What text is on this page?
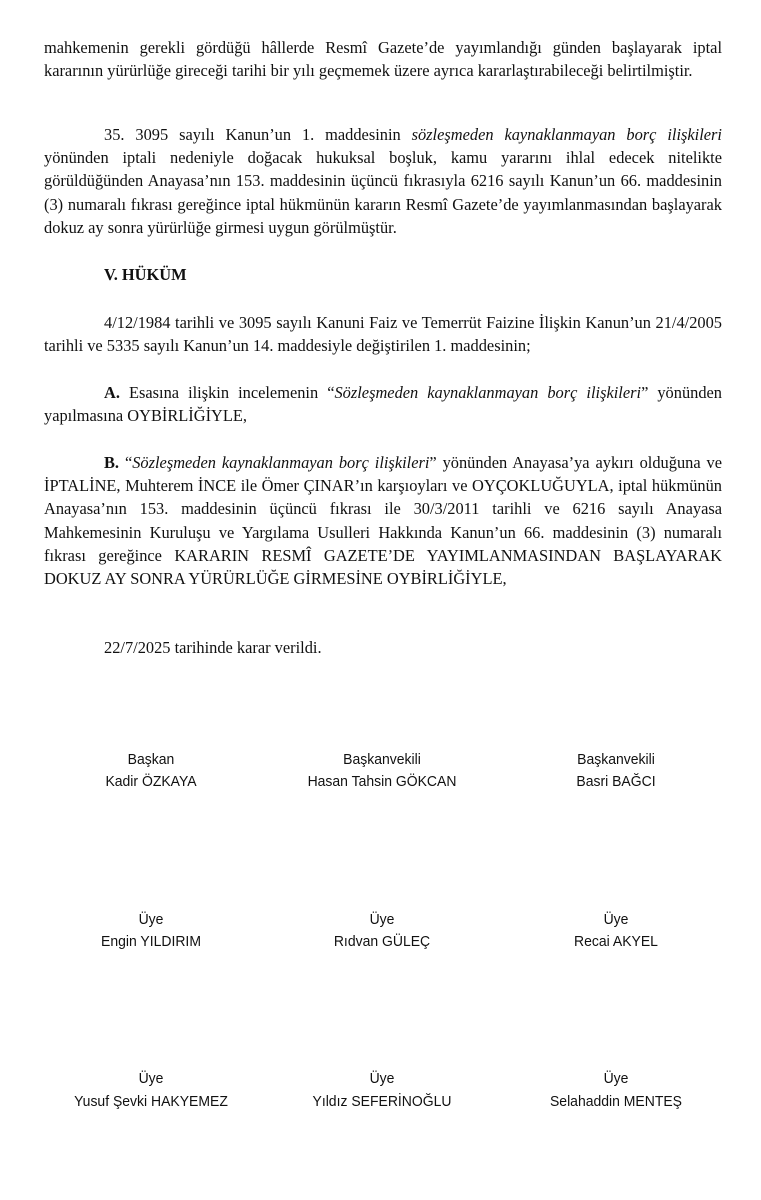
mahkemenin gerekli gördüğü hâllerde Resmî Gazete’de yayımlandığı günden başlayarak iptal kararının yürürlüğe gireceği tarihi bir yılı geçmemek üzere ayrıca kararlaştırabileceği belirtilmiştir.

35. 3095 sayılı Kanun’un 1. maddesinin sözleşmeden kaynaklanmayan borç ilişkileri yönünden iptali nedeniyle doğacak hukuksal boşluk, kamu yararını ihlal edecek nitelikte görüldüğünden Anayasa’nın 153. maddesinin üçüncü fıkrasıyla 6216 sayılı Kanun’un 66. maddesinin (3) numaralı fıkrası gereğince iptal hükmünün kararın Resmî Gazete’de yayımlanmasından başlayarak dokuz ay sonra yürürlüğe girmesi uygun görülmüştür.

V. HÜKÜM

4/12/1984 tarihli ve 3095 sayılı Kanuni Faiz ve Temerrüt Faizine İlişkin Kanun’un 21/4/2005 tarihli ve 5335 sayılı Kanun’un 14. maddesiyle değiştirilen 1. maddesinin;

A. Esasına ilişkin incelemenin “Sözleşmeden kaynaklanmayan borç ilişkileri” yönünden yapılmasına OYBİRLİĞİYLE,

B. “Sözleşmeden kaynaklanmayan borç ilişkileri” yönünden Anayasa’ya aykırı olduğuna ve İPTALİNE, Muhterem İNCE ile Ömer ÇINAR’ın karşıoyları ve OYÇOKLUĞUYLA, iptal hükmünün Anayasa’nın 153. maddesinin üçüncü fıkrası ile 30/3/2011 tarihli ve 6216 sayılı Anayasa Mahkemesinin Kuruluşu ve Yargılama Usulleri Hakkında Kanun’un 66. maddesinin (3) numaralı fıkrası gereğince KARARIN RESMÎ GAZETE’DE YAYIMLANMASINDAN BAŞLAYARAK DOKUZ AY SONRA YÜRÜRLÜĞE GİRMESİNE OYBİRLİĞİYLE,

22/7/2025 tarihinde karar verildi.

Başkan
Kadir ÖZKAYA
Başkanvekili
Hasan Tahsin GÖKCAN
Başkanvekili
Basri BAĞCI
Üye
Engin YILDIRIM
Üye
Rıdvan GÜLEÇ
Üye
Recai AKYEL
Üye
Yusuf Şevki HAKYEMEZ
Üye
Yıldız SEFERİNOĞLU
Üye
Selahaddin MENTEŞ
